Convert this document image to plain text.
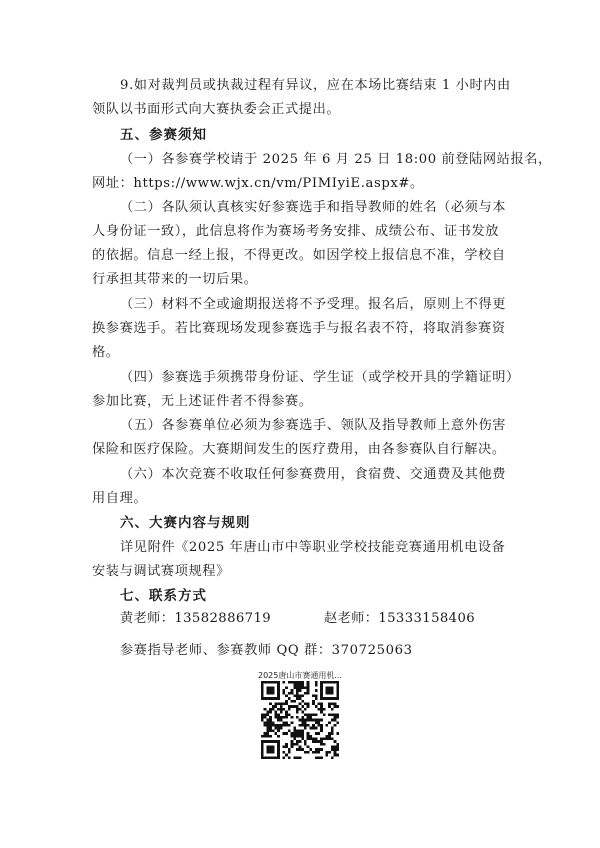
9.如对裁判员或执裁过程有异议，应在本场比赛结束 1 小时内由
领队以书面形式向大赛执委会正式提出。
五、参赛须知
（一）各参赛学校请于 2025 年 6 月 25 日 18:00 前登陆网站报名，
网址：https://www.wjx.cn/vm/PIMIyiE.aspx#。
（二）各队须认真核实好参赛选手和指导教师的姓名（必须与本
人身份证一致），此信息将作为赛场考务安排、成绩公布、证书发放
的依据。信息一经上报，不得更改。如因学校上报信息不准，学校自
行承担其带来的一切后果。
（三）材料不全或逾期报送将不予受理。报名后，原则上不得更
换参赛选手。若比赛现场发现参赛选手与报名表不符，将取消参赛资
格。
（四）参赛选手须携带身份证、学生证（或学校开具的学籍证明）
参加比赛，无上述证件者不得参赛。
（五）各参赛单位必须为参赛选手、领队及指导教师上意外伤害
保险和医疗保险。大赛期间发生的医疗费用，由各参赛队自行解决。
（六）本次竞赛不收取任何参赛费用，食宿费、交通费及其他费
用自理。
六、大赛内容与规则
详见附件《2025 年唐山市中等职业学校技能竞赛通用机电设备
安装与调试赛项规程》
七、联系方式
黄老师：13582886719	赵老师：15333158406
参赛指导老师、参赛教师 QQ 群：370725063
2025唐山市赛通用机...
